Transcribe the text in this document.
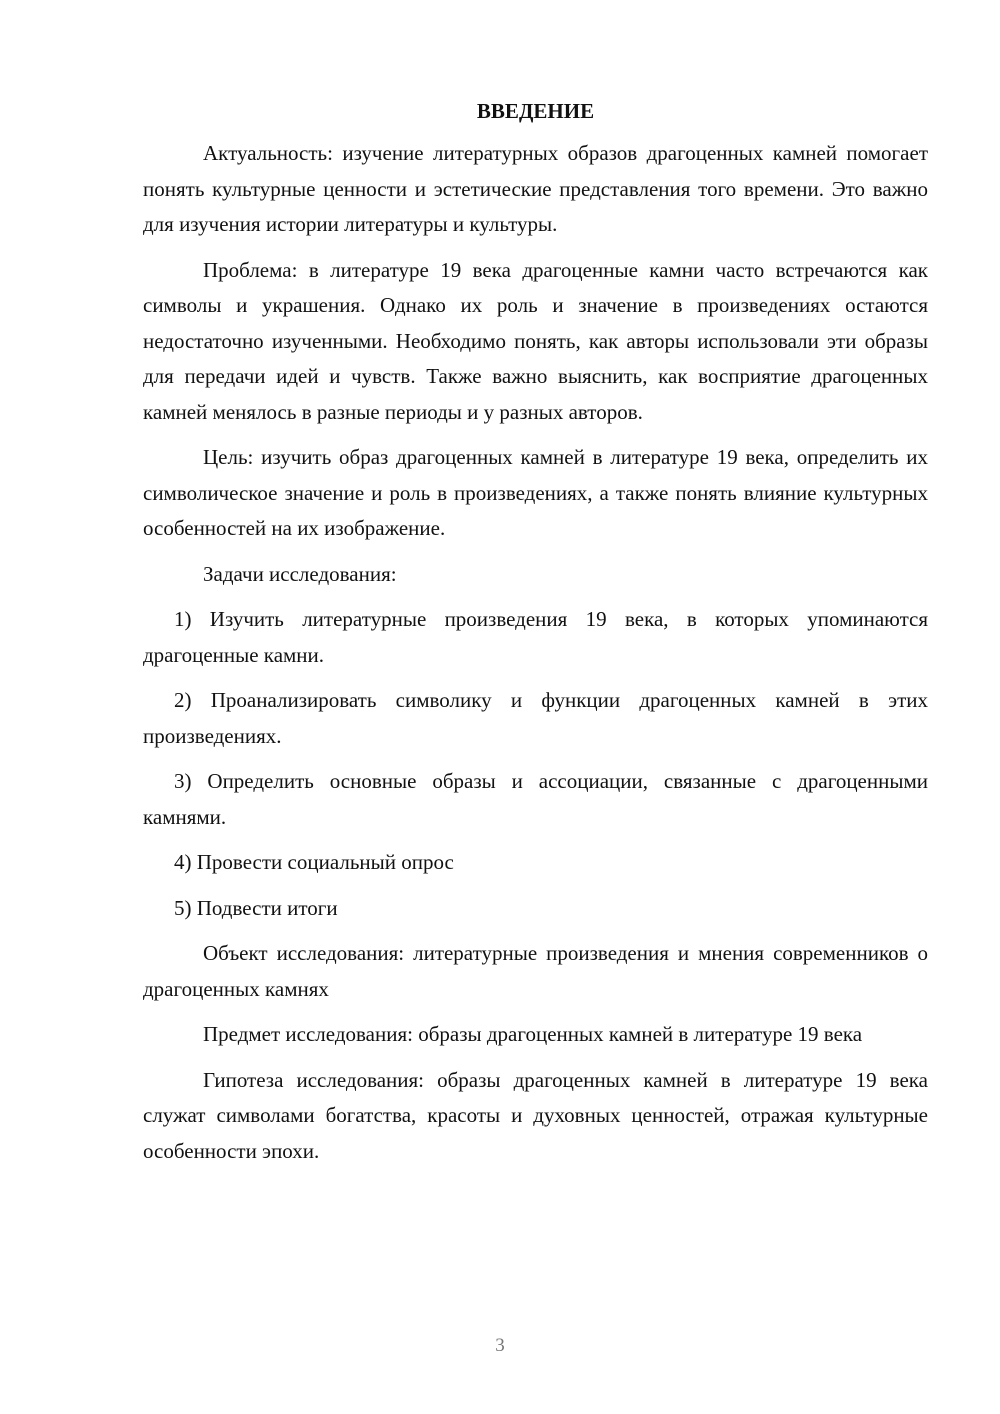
ВВЕДЕНИЕ

Актуальность: изучение литературных образов драгоценных камней помогает понять культурные ценности и эстетические представления того времени. Это важно для изучения истории литературы и культуры.

Проблема: в литературе 19 века драгоценные камни часто встречаются как символы и украшения. Однако их роль и значение в произведениях остаются недостаточно изученными. Необходимо понять, как авторы использовали эти образы для передачи идей и чувств. Также важно выяснить, как восприятие драгоценных камней менялось в разные периоды и у разных авторов.

Цель: изучить образ драгоценных камней в литературе 19 века, определить их символическое значение и роль в произведениях, а также понять влияние культурных особенностей на их изображение.

Задачи исследования:

1) Изучить литературные произведения 19 века, в которых упоминаются драгоценные камни.

2) Проанализировать символику и функции драгоценных камней в этих произведениях.

3) Определить основные образы и ассоциации, связанные с драгоценными камнями.

4) Провести социальный опрос

5) Подвести итоги

Объект исследования: литературные произведения и мнения современников о драгоценных камнях

Предмет исследования: образы драгоценных камней в литературе 19 века

Гипотеза исследования: образы драгоценных камней в литературе 19 века служат символами богатства, красоты и духовных ценностей, отражая культурные особенности эпохи.

3
